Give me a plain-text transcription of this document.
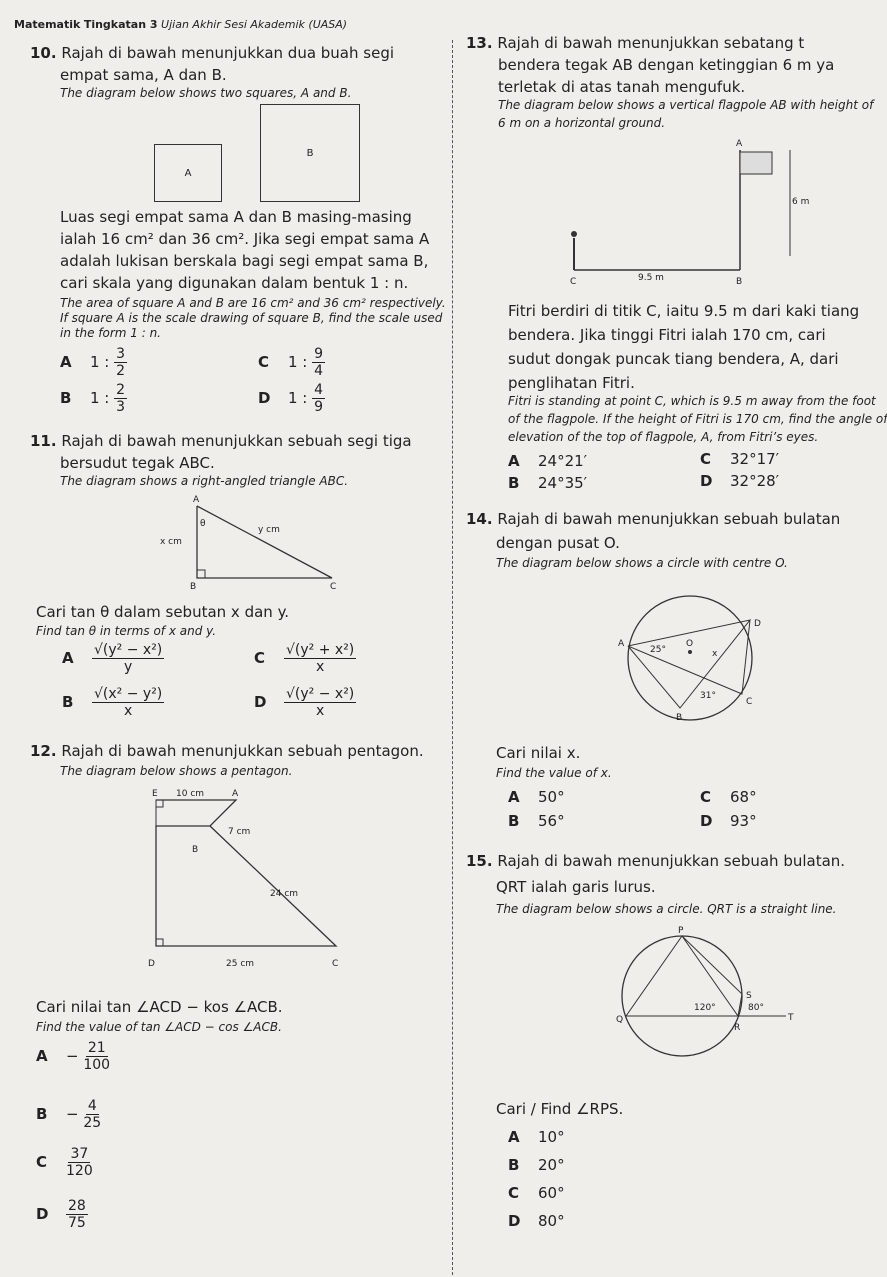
Matematik Tingkatan 3 Ujian Akhir Sesi Akademik (UASA)
10. Rajah di bawah menunjukkan dua buah segi
empat sama, A dan B.
The diagram below shows two squares, A and B.
A
B
Luas segi empat sama A dan B masing-masing
ialah 16 cm² dan 36 cm². Jika segi empat sama A
adalah lukisan berskala bagi segi empat sama B,
cari skala yang digunakan dalam bentuk 1 : n.
The area of square A and B are 16 cm² and 36 cm² respectively.
If square A is the scale drawing of square B, find the scale used
in the form 1 : n.
A 1 : $\frac{3}{2}$
B 1 : $\frac{2}{3}$
C 1 : $\frac{9}{4}$
D 1 : $\frac{4}{9}$
11. Rajah di bawah menunjukkan sebuah segi tiga
bersudut tegak ABC.
The diagram shows a right-angled triangle ABC.
A
B	C
θ
x cm
y cm
Cari tan θ dalam sebutan x dan y.
Find tan θ in terms of x and y.
A $\frac{\text{√(y² − x²)}}{y}$
B $\frac{\text{√(x² − y²)}}{x}$
C $\frac{\text{√(y² + x²)}}{x}$
D $\frac{\text{√(y² − x²)}}{x}$
12. Rajah di bawah menunjukkan sebuah pentagon.
The diagram below shows a pentagon.
E 10 cm	A
7 cm
B
24 cm
D	25 cm	C
Cari nilai tan ∠ACD − kos ∠ACB.
Find the value of tan ∠ACD − cos ∠ACB.
$A - \frac{21}{100}$
$B - \frac{4}{25}$
C $\frac{37}{120}$
D $\frac{28}{75}$
13. Rajah di bawah menunjukkan sebatang t
bendera tegak AB dengan ketinggian 6 m ya
terletak di atas tanah mengufuk.
The diagram below shows a vertical flagpole AB with height of
6 m on a horizontal ground.
A
B
C
6 m
9.5 m
Fitri berdiri di titik C, iaitu 9.5 m dari kaki tiang
bendera. Jika tinggi Fitri ialah 170 cm, cari
sudut dongak puncak tiang bendera, A, dari
penglihatan Fitri.
Fitri is standing at point C, which is 9.5 m away from the foot
of the flagpole. If the height of Fitri is 170 cm, find the angle of
elevation of the top of flagpole, A, from Fitri’s eyes.
A 24°21′
B 24°35′
C 32°17′
D 32°28′
14. Rajah di bawah menunjukkan sebuah bulatan
dengan pusat O.
The diagram below shows a circle with centre O.
A
B
C
D
O
25°	x
31°
Cari nilai x.
Find the value of x.
A 50°
B 56°
C 68°
D 93°
15. Rajah di bawah menunjukkan sebuah bulatan.
QRT ialah garis lurus.
The diagram below shows a circle. QRT is a straight line.
P
Q
R
S
T
120°	80°
Cari / Find ∠RPS.
A 10°
B 20°
C 60°
D 80°
